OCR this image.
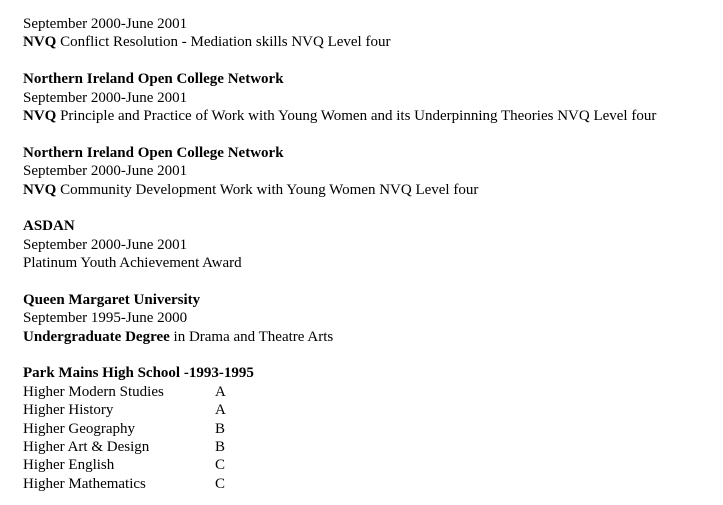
September 2000-June 2001
NVQ Conflict Resolution - Mediation skills NVQ Level four
Northern Ireland Open College Network
September 2000-June 2001
NVQ Principle and Practice of Work with Young Women and its Underpinning Theories NVQ Level four
Northern Ireland Open College Network
September 2000-June 2001
NVQ Community Development Work with Young Women NVQ Level four
ASDAN
September 2000-June 2001
Platinum Youth Achievement Award
Queen Margaret University
September 1995-June 2000
Undergraduate Degree in Drama and Theatre Arts
Park Mains High School -1993-1995
Higher Modern Studies	A
Higher History	A
Higher Geography	B
Higher Art & Design	B
Higher English	C
Higher Mathematics	C
